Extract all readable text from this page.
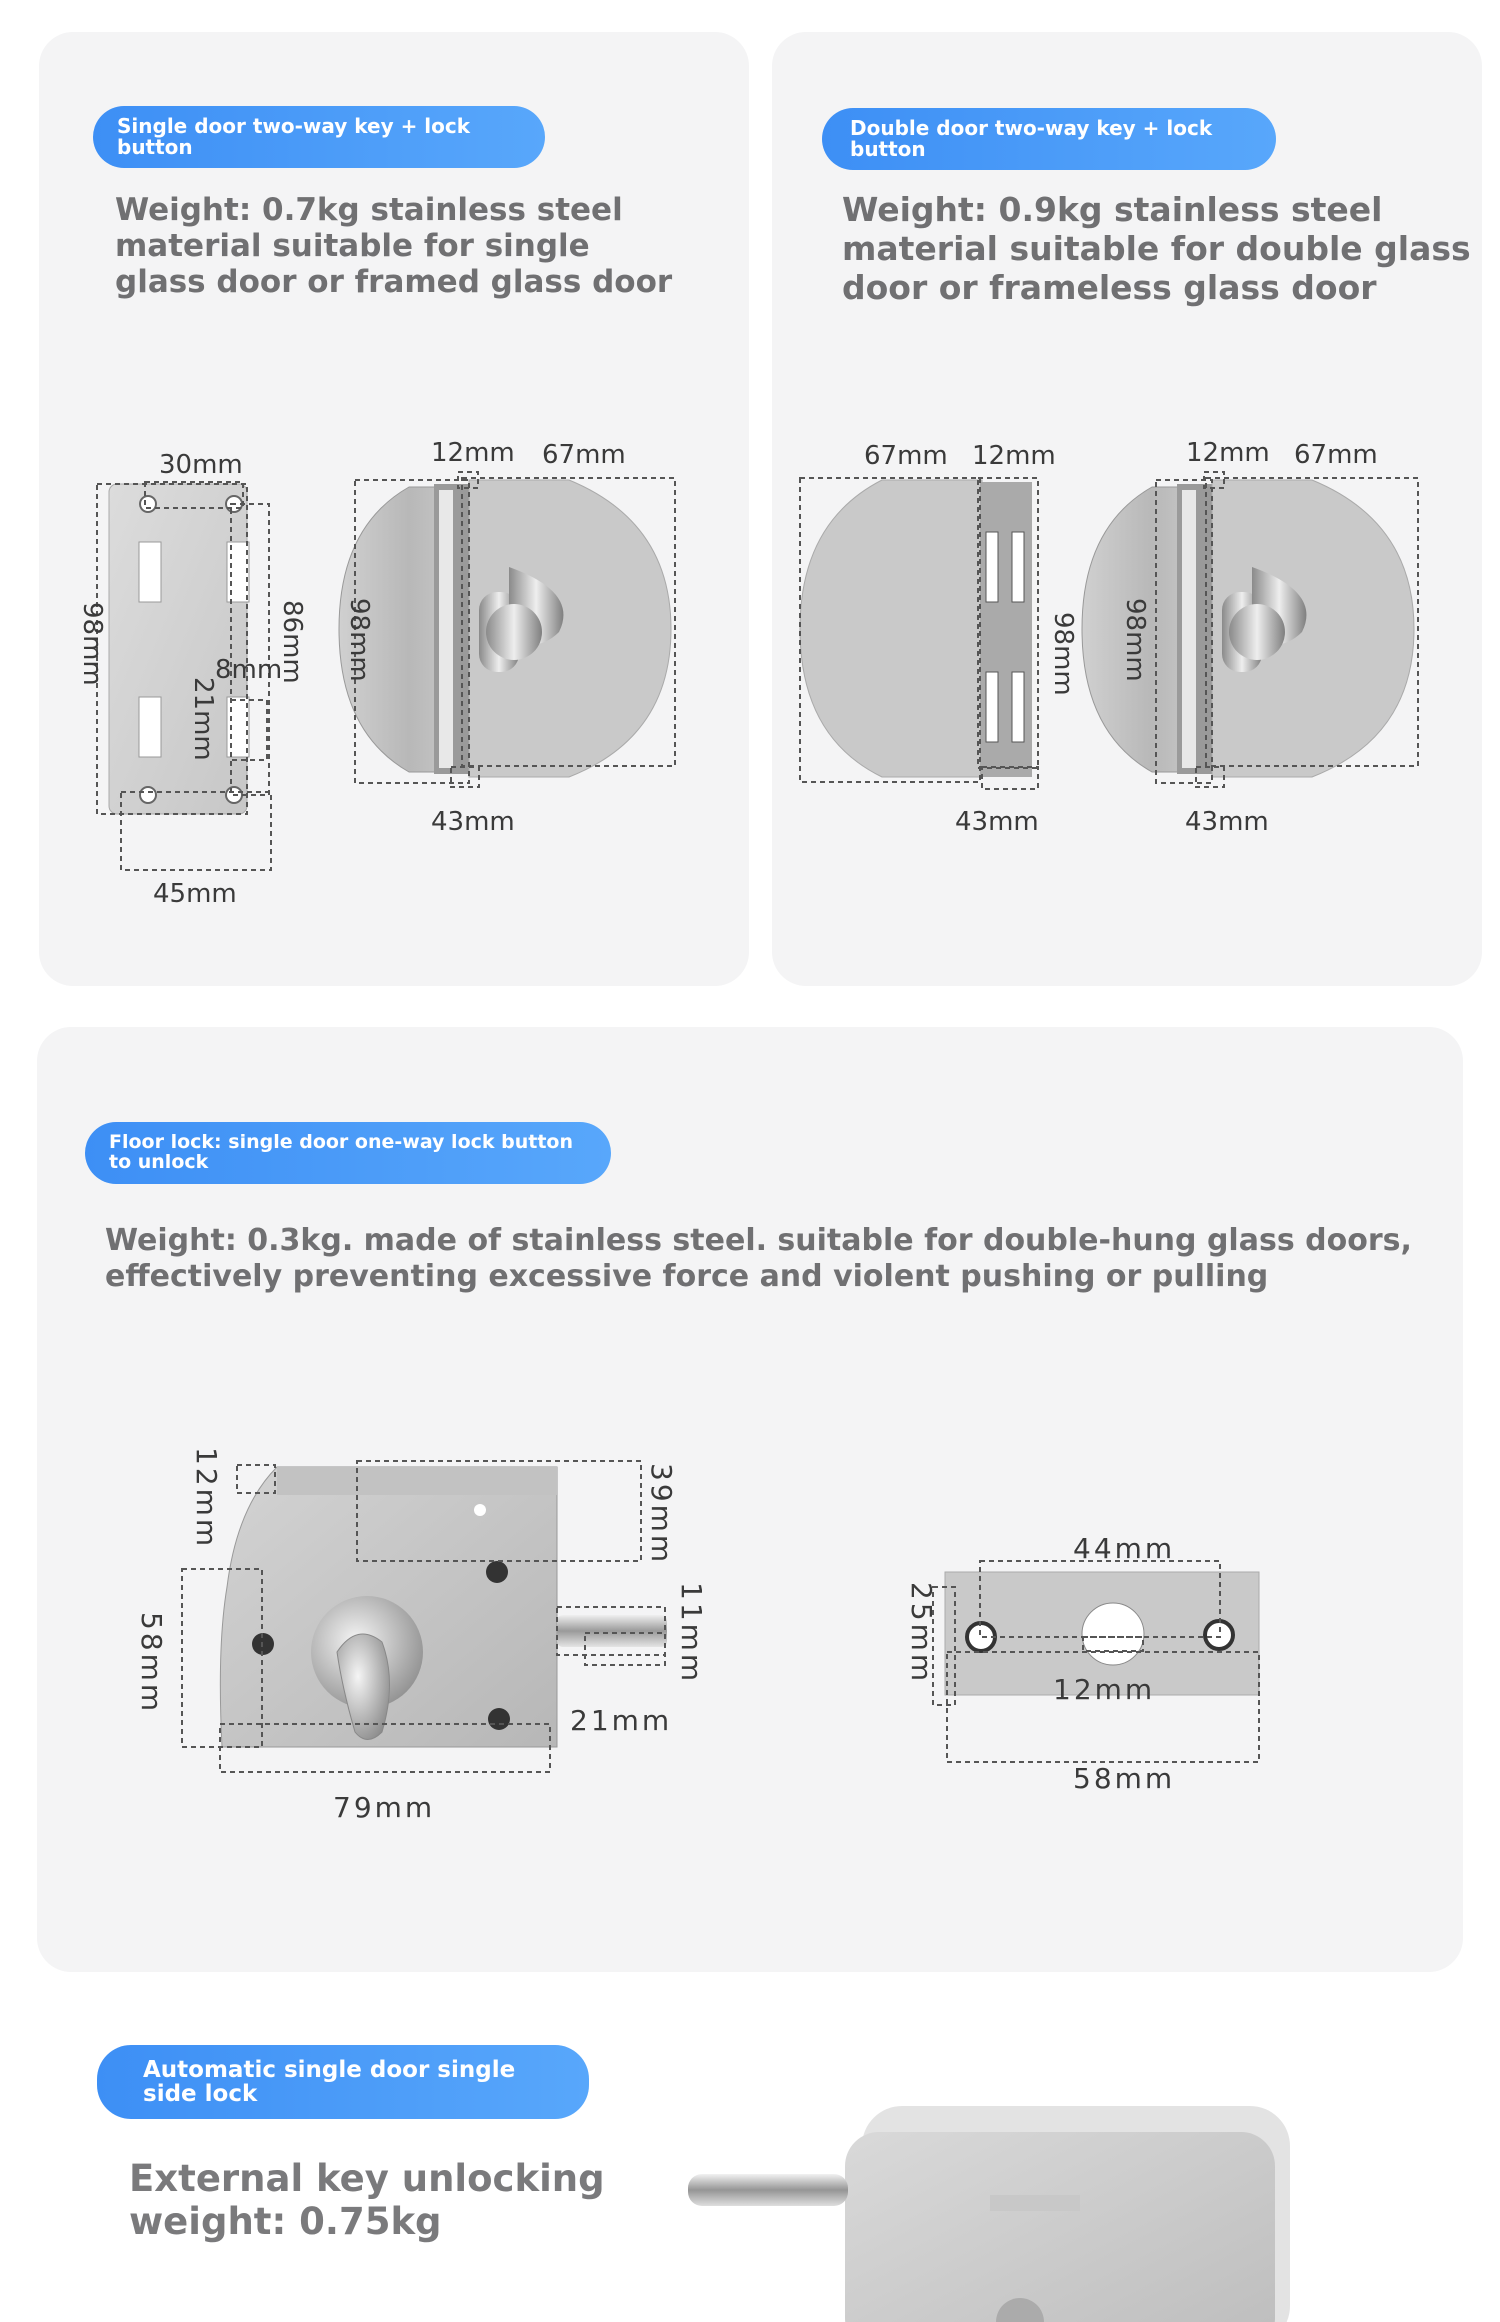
Single door two-way key + lock button
Weight: 0.7kg stainless steel
material suitable for single
glass door or framed glass door
30mm
98mm	8mm
21mm
86mm
45mm
12mm 67mm
98mm
43mm
Double door two-way key + lock button
Weight: 0.9kg stainless steel
material suitable for double glass
door or frameless glass door
67mm 12mm
98mm
43mm
12mm 67mm
98mm
43mm
Floor lock: single door one-way lock button to unlock
Weight: 0.3kg. made of stainless steel. suitable for double-hung glass doors,
effectively preventing excessive force and violent pushing or pulling
12mm
58mm
39mm
11mm
21mm
79mm
44mm
25mm
12mm
58mm
Automatic single door single side lock
External key unlocking
weight: 0.75kg
